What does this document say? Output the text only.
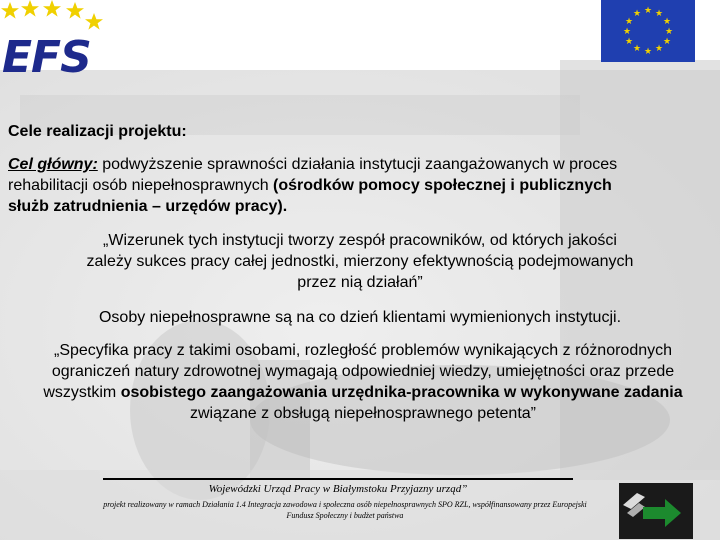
EFS
★ ★
★
★
★
★
★
★
★
★
★
★
Cele realizacji projektu:
Cel główny: podwyższenie sprawności działania instytucji zaangażowanych w proces rehabilitacji osób niepełnosprawnych (ośrodków pomocy społecznej i publicznych służb zatrudnienia – urzędów pracy).
„Wizerunek tych instytucji tworzy zespół pracowników, od których jakości zależy sukces pracy całej jednostki, mierzony efektywnością podejmowanych przez nią działań”
Osoby niepełnosprawne są na co dzień klientami wymienionych instytucji.
„Specyfika pracy z takimi osobami, rozległość problemów wynikających z różnorodnych ograniczeń natury zdrowotnej wymagają odpowiedniej wiedzy, umiejętności oraz przede wszystkim osobistego zaangażowania urzędnika-pracownika w wykonywane zadania związane z obsługą niepełnosprawnego petenta”
Wojewódzki Urząd Pracy w Białymstoku Przyjazny urząd”
projekt realizowany w ramach Działania 1.4 Integracja zawodowa i społeczna osób niepełnosprawnych SPO RZL, współfinansowany przez Europejski Fundusz Społeczny i budżet państwa
